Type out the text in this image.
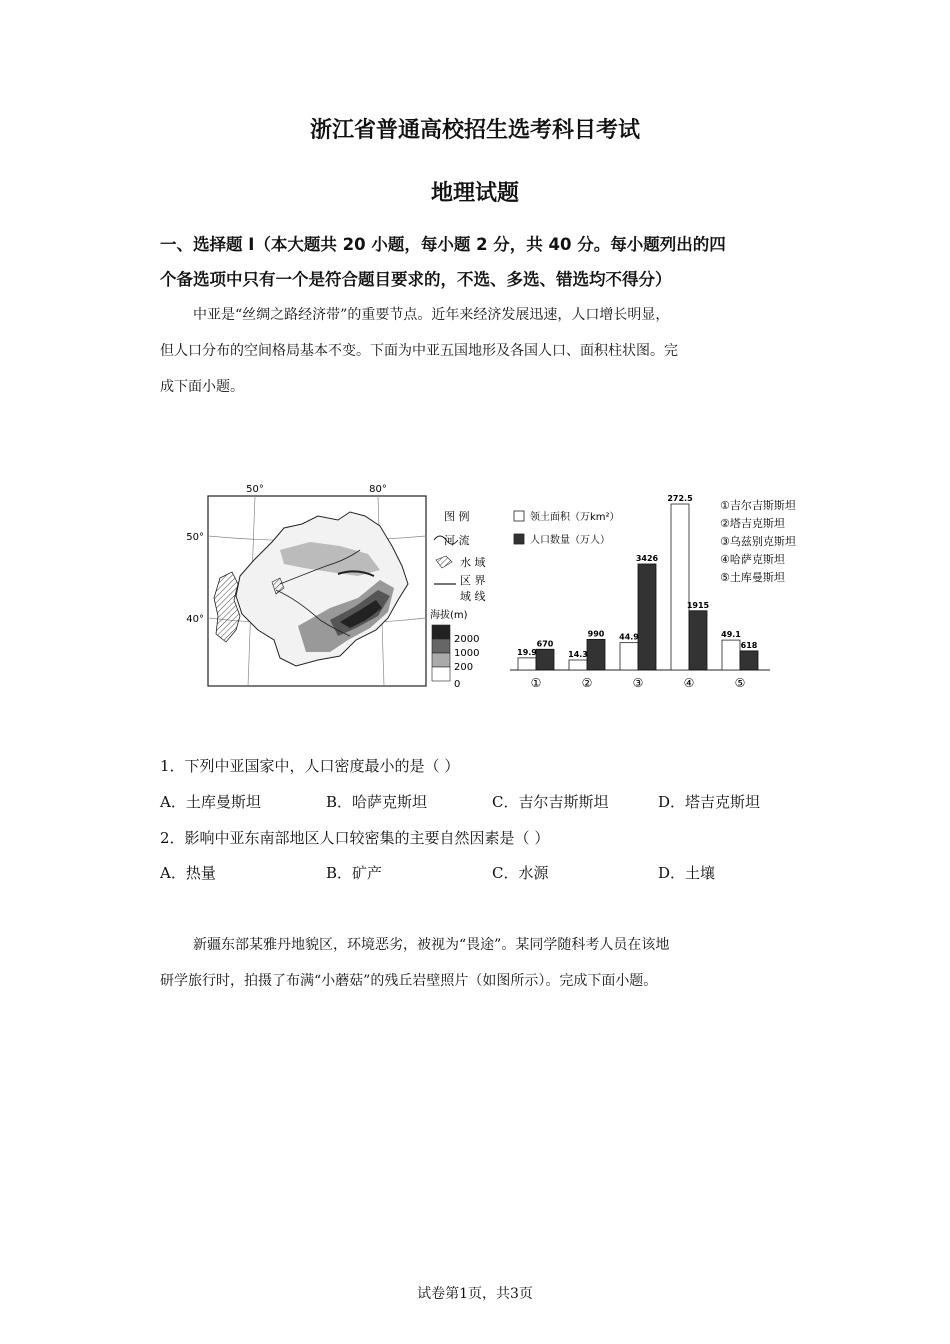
浙江省普通高校招生选考科目考试
地理试题
一、选择题 I（本大题共 20 小题，每小题 2 分，共 40 分。每小题列出的四
个备选项中只有一个是符合题目要求的，不选、多选、错选均不得分）
中亚是“丝绸之路经济带”的重要节点。近年来经济发展迅速，人口增长明显，
但人口分布的空间格局基本不变。下面为中亚五国地形及各国人口、面积柱状图。完
成下面小题。
50°	80°
50°
40°
图 例
河 流
水 域
区 界
域 线
海拔(m)
2000
1000
200
0
领土面积（万km²）
人口数量（万人）
①吉尔吉斯斯坦
②塔吉克斯坦
③乌兹别克斯坦
④哈萨克斯坦
⑤土库曼斯坦
19.9
670
①
14.3
990
②
44.9
3426
③
272.5
1915
④
49.1
618
⑤
1．下列中亚国家中，人口密度最小的是（ ）
A．土库曼斯坦	B．哈萨克斯坦	C．吉尔吉斯斯坦	D．塔吉克斯坦
2．影响中亚东南部地区人口较密集的主要自然因素是（ ）
A．热量	B．矿产	C．水源	D．土壤
新疆东部某雅丹地貌区，环境恶劣，被视为“畏途”。某同学随科考人员在该地
研学旅行时，拍摄了布满“小蘑菇”的残丘岩壁照片（如图所示）。完成下面小题。
试卷第1页，共3页
